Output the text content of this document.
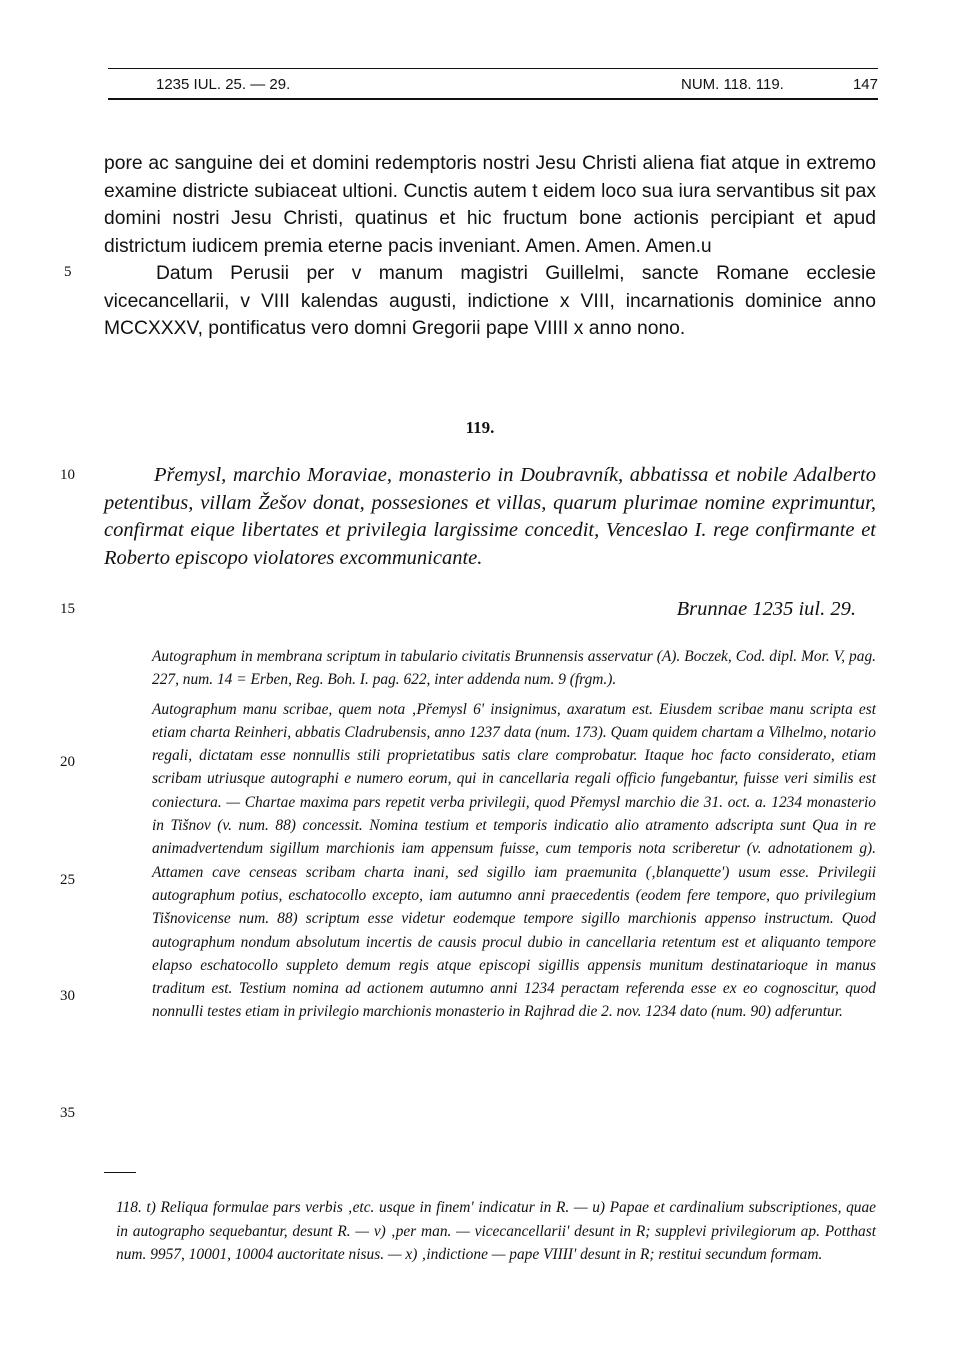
1235 IUL. 25. — 29.	NUM. 118. 119.	147
5
10
15
20
25
30
35

pore ac sanguine dei et domini redemptoris nostri Jesu Christi aliena fiat atque in extremo examine districte subiaceat ultioni. Cunctis autem t eidem loco sua iura servantibus sit pax domini nostri Jesu Christi, quatinus et hic fructum bone actionis percipiant et apud districtum iudicem premia eterne pacis inveniant. Amen. Amen. Amen.u

Datum Perusii per v manum magistri Guillelmi, sancte Romane ecclesie vicecancellarii, v VIII kalendas augusti, indictione x VIII, incarnationis dominice anno MCCXXXV, pontificatus vero domni Gregorii pape VIIII x anno nono.

119.

Přemysl, marchio Moraviae, monasterio in Doubravník, abbatissa et nobile Adalberto petentibus, villam Žešov donat, possesiones et villas, quarum plurimae nomine exprimuntur, confirmat eique libertates et privilegia largissime concedit, Venceslao I. rege confirmante et Roberto episcopo violatores excommunicante.

Brunnae 1235 iul. 29.

Autographum in membrana scriptum in tabulario civitatis Brunnensis asservatur (A). Boczek, Cod. dipl. Mor. V, pag. 227, num. 14 = Erben, Reg. Boh. I. pag. 622, inter addenda num. 9 (frgm.).

Autographum manu scribae, quem nota ‚Přemysl 6' insignimus, axaratum est. Eiusdem scribae manu scripta est etiam charta Reinheri, abbatis Cladrubensis, anno 1237 data (num. 173). Quam quidem chartam a Vilhelmo, notario regali, dictatam esse nonnullis stili proprietatibus satis clare comprobatur. Itaque hoc facto considerato, etiam scribam utriusque autographi e numero eorum, qui in cancellaria regali officio fungebantur, fuisse veri similis est coniectura. — Chartae maxima pars repetit verba privilegii, quod Přemysl marchio die 31. oct. a. 1234 monasterio in Tišnov (v. num. 88) concessit. Nomina testium et temporis indicatio alio atramento adscripta sunt Qua in re animadvertendum sigillum marchionis iam appensum fuisse, cum temporis nota scriberetur (v. adnotationem g). Attamen cave censeas scribam charta inani, sed sigillo iam praemunita (‚blanquette') usum esse. Privilegii autographum potius, eschatocollo excepto, iam autumno anni praecedentis (eodem fere tempore, quo privilegium Tišnovicense num. 88) scriptum esse videtur eodemque tempore sigillo marchionis appenso instructum. Quod autographum nondum absolutum incertis de causis procul dubio in cancellaria retentum est et aliquanto tempore elapso eschatocollo suppleto demum regis atque episcopi sigillis appensis munitum destinatarioque in manus traditum est. Testium nomina ad actionem autumno anni 1234 peractam referenda esse ex eo cognoscitur, quod nonnulli testes etiam in privilegio marchionis monasterio in Rajhrad die 2. nov. 1234 dato (num. 90) adferuntur.

118. t) Reliqua formulae pars verbis ‚etc. usque in finem' indicatur in R. — u) Papae et cardinalium subscriptiones, quae in autographo sequebantur, desunt R. — v) ‚per man. — vicecancellarii' desunt in R; supplevi privilegiorum ap. Potthast num. 9957, 10001, 10004 auctoritate nisus. — x) ‚indictione — pape VIIII' desunt in R; restitui secundum formam.
